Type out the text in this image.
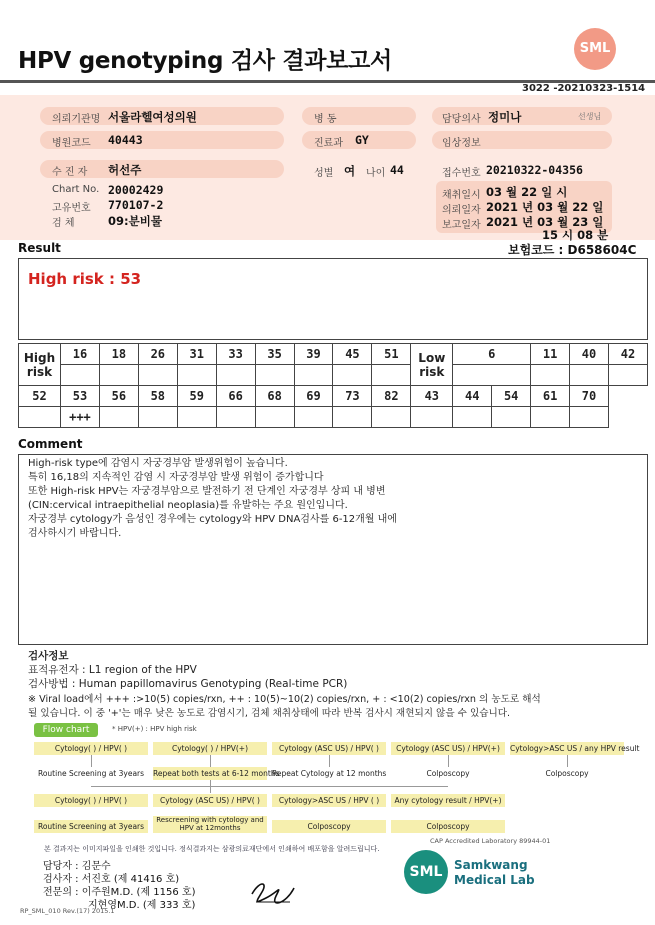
HPV genotyping 검사 결과보고서	SML
3022 -20210323-1514
의뢰기관명 서울라헬여성의원	병 동	담당의사 정미나	선생님
병원코드 40443	진료과 GY	임상정보
수 진 자 허선주	성별 여 나이 44	접수번호 20210322-04356
Chart No. 20002429
고유번호 770107-2
검 체	09:분비물
채취일시 03 월 22 일 시
의뢰일자 2021 년 03 월 22 일
보고일자 2021 년 03 월 23 일
15 시 08 분
Result	보험코드 : D658604C
High risk : 53
High risk	16	18	26	31	33	35	39	45	51	Low risk	6		11	40	42

52	53	56	58	59	66	68	69	73	82	43	44	54	61	70	
	+++														
Comment
High-risk type에 감염시 자궁경부암 발생위험이 높습니다.
특히 16,18의 지속적인 감염 시 자궁경부암 발생 위험이 증가합니다
또한 High-risk HPV는 자궁경부암으로 발전하기 전 단계인 자궁경부 상피 내 병변
(CIN:cervical intraepithelial neoplasia)를 유발하는 주요 원인입니다.
자궁경부 cytology가 음성인 경우에는 cytology와 HPV DNA검사를 6-12개월 내에
검사하시기 바랍니다.
검사정보
표적유전자 : L1 region of the HPV
검사방법 : Human papillomavirus Genotyping (Real-time PCR)
※ Viral load에서 +++ :>10(5) copies/rxn, ++ : 10(5)~10(2) copies/rxn, + : <10(2) copies/rxn 의 농도로 해석
될 있습니다. 이 중 '+'는 매우 낮은 농도로 감염시기, 검체 채취상태에 따라 반복 검사시 재현되지 않을 수 있습니다.
Flow chart	* HPV(+) : HPV high risk
Cytology( ) / HPV( )	Cytology( ) / HPV(+)	Cytology (ASC US) / HPV( )	Cytology (ASC US) / HPV(+)	Cytology>ASC US / any HPV result
Routine Screening at 3years	Repeat both tests at 6-12 months
Repeat Cytology at 12 months	Colposcopy	Colposcopy
Cytology( ) / HPV( )	Cytology (ASC US) / HPV( )	Cytology>ASC US / HPV ( )	Any cytology result / HPV(+)
Routine Screening at 3years
Rescreening with cytology and HPV at 12months	Colposcopy	Colposcopy
CAP Accredited Laboratory 89944-01
본 결과지는 이미지파일을 인쇄한 것입니다. 정식결과지는 삼광의료재단에서 인쇄하여 배포함을 알려드립니다.
담당자 : 김문수
검사자 : 서진호 (제 41416 호)
전문의 : 이주원M.D. (제 1156 호)
지현영M.D. (제 333 호)
SML Samkwang
Medical Lab
RP_SML_010 Rev.(17) 2015.1
